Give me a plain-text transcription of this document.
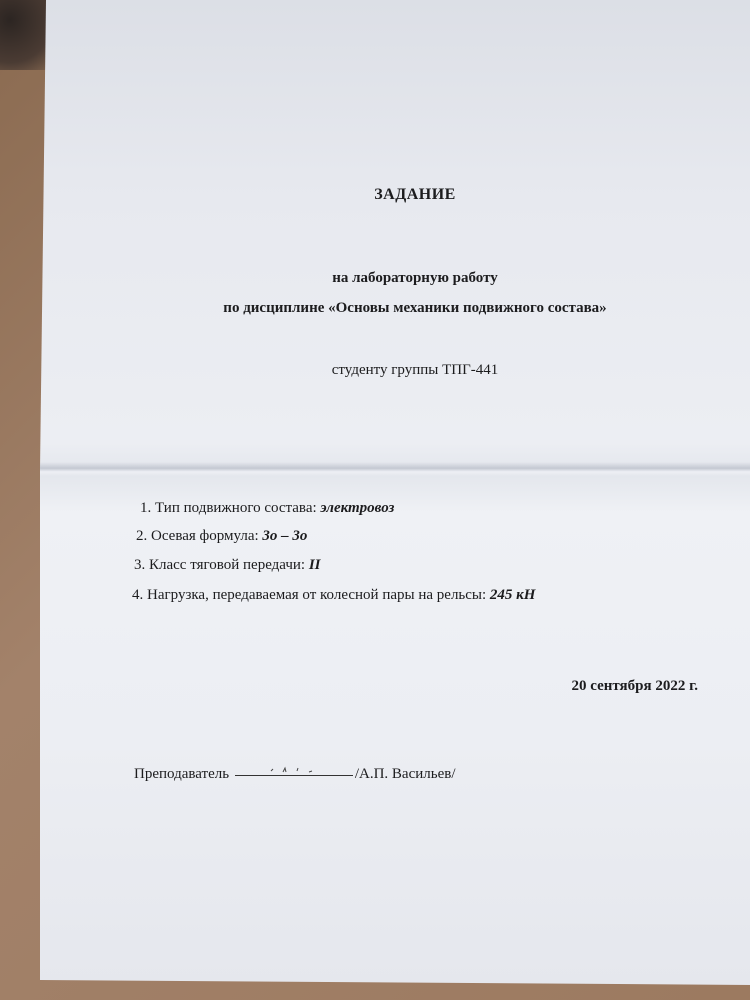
ЗАДАНИЕ
на лабораторную работу
по дисциплине «Основы механики подвижного состава»
студенту группы ТПГ-441
1. Тип подвижного состава: электровоз
2. Осевая формула: 3о – 3о
3. Класс тяговой передачи: II
4. Нагрузка, передаваемая от колесной пары на рельсы: 245 кН
20 сентября 2022 г.
Преподаватель	/А.П. Васильев/
